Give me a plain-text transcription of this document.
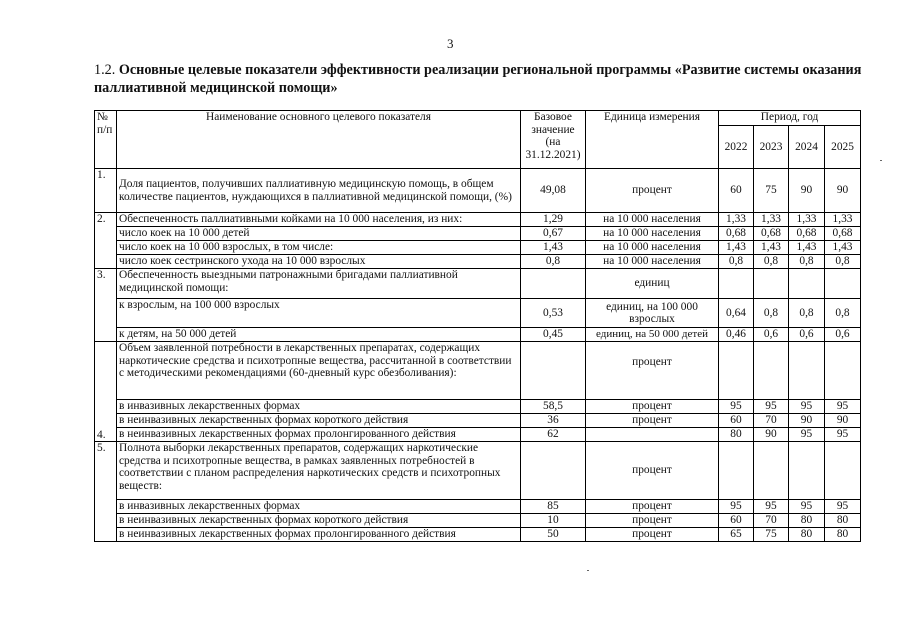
3
1.2. Основные целевые показатели эффективности реализации региональной программы «Развитие системы оказания паллиативной медицинской помощи»
№ п/п	Наименование основного целевого показателя	Базовое значение (на 31.12.2021)	Единица измерения	Период, год			
				2022	2023	2024	2025
1.	Доля пациентов, получивших паллиативную медицинскую помощь, в общем количестве пациентов, нуждающихся в паллиативной медицинской помощи, (%)	49,08	процент	60	75	90	90
2.	Обеспеченность паллиативными койками на 10 000 населения, из них:	1,29	на 10 000 населения	1,33	1,33	1,33	1,33
	число коек на 10 000 детей	0,67	на 10 000 населения	0,68	0,68	0,68	0,68
	число коек на 10 000 взрослых, в том числе:	1,43	на 10 000 населения	1,43	1,43	1,43	1,43
	число коек сестринского ухода на 10 000 взрослых	0,8	на 10 000 населения	0,8	0,8	0,8	0,8
3.	Обеспеченность выездными патронажными бригадами паллиативной медицинской помощи:		единиц				
	к взрослым, на 100 000 взрослых	0,53	единиц, на 100 000 взрослых	0,64	0,8	0,8	0,8
	к детям, на 50 000 детей	0,45	единиц, на 50 000 детей	0,46	0,6	0,6	0,6
4.	Объем заявленной потребности в лекарственных препаратах, содержащих наркотические средства и психотропные вещества, рассчитанной в соответствии с методическими рекомендациями (60-дневный курс обезболивания):		процент				
	в инвазивных лекарственных формах	58,5	процент	95	95	95	95
	в неинвазивных лекарственных формах короткого действия	36	процент	60	70	90	90
	в неинвазивных лекарственных формах пролонгированного действия	62		80	90	95	95
5.	Полнота выборки лекарственных препаратов, содержащих наркотические средства и психотропные вещества, в рамках заявленных потребностей в соответствии с планом распределения наркотических средств и психотропных веществ:		процент				
	в инвазивных лекарственных формах	85	процент	95	95	95	95
	в неинвазивных лекарственных формах короткого действия	10	процент	60	70	80	80
	в неинвазивных лекарственных формах пролонгированного действия	50	процент	65	75	80	80
